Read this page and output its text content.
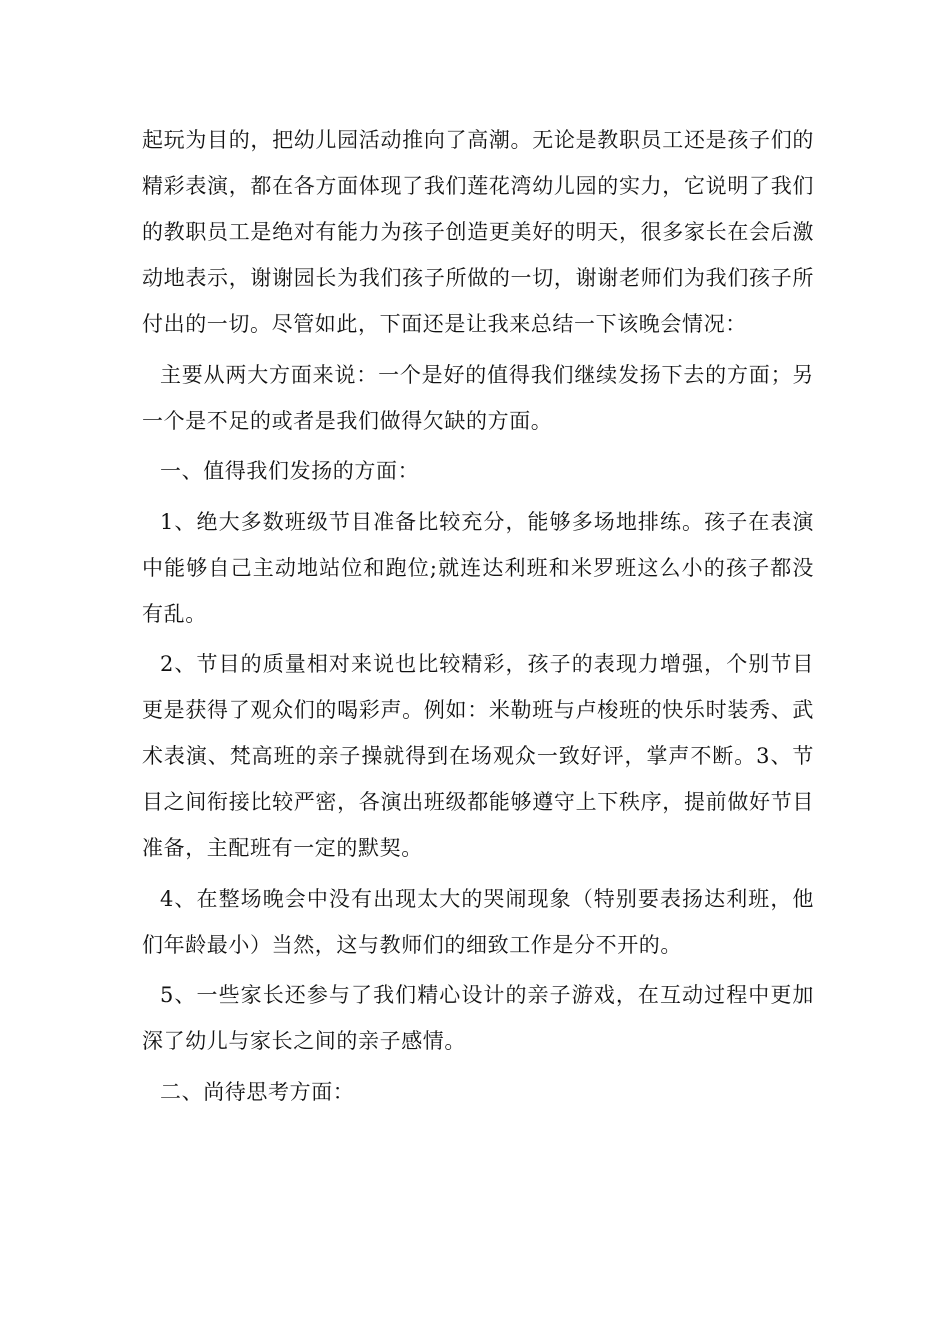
起玩为目的，把幼儿园活动推向了高潮。无论是教职员工还是孩子们的精彩表演，都在各方面体现了我们莲花湾幼儿园的实力，它说明了我们的教职员工是绝对有能力为孩子创造更美好的明天，很多家长在会后激动地表示，谢谢园长为我们孩子所做的一切，谢谢老师们为我们孩子所付出的一切。尽管如此，下面还是让我来总结一下该晚会情况：

主要从两大方面来说：一个是好的值得我们继续发扬下去的方面；另一个是不足的或者是我们做得欠缺的方面。

一、值得我们发扬的方面：

1、绝大多数班级节目准备比较充分，能够多场地排练。孩子在表演中能够自己主动地站位和跑位;就连达利班和米罗班这么小的孩子都没有乱。

2、节目的质量相对来说也比较精彩，孩子的表现力增强，个别节目更是获得了观众们的喝彩声。例如：米勒班与卢梭班的快乐时装秀、武术表演、梵高班的亲子操就得到在场观众一致好评，掌声不断。3、节目之间衔接比较严密，各演出班级都能够遵守上下秩序，提前做好节目准备，主配班有一定的默契。

4、在整场晚会中没有出现太大的哭闹现象（特别要表扬达利班，他们年龄最小）当然，这与教师们的细致工作是分不开的。

5、一些家长还参与了我们精心设计的亲子游戏，在互动过程中更加深了幼儿与家长之间的亲子感情。

二、尚待思考方面：
